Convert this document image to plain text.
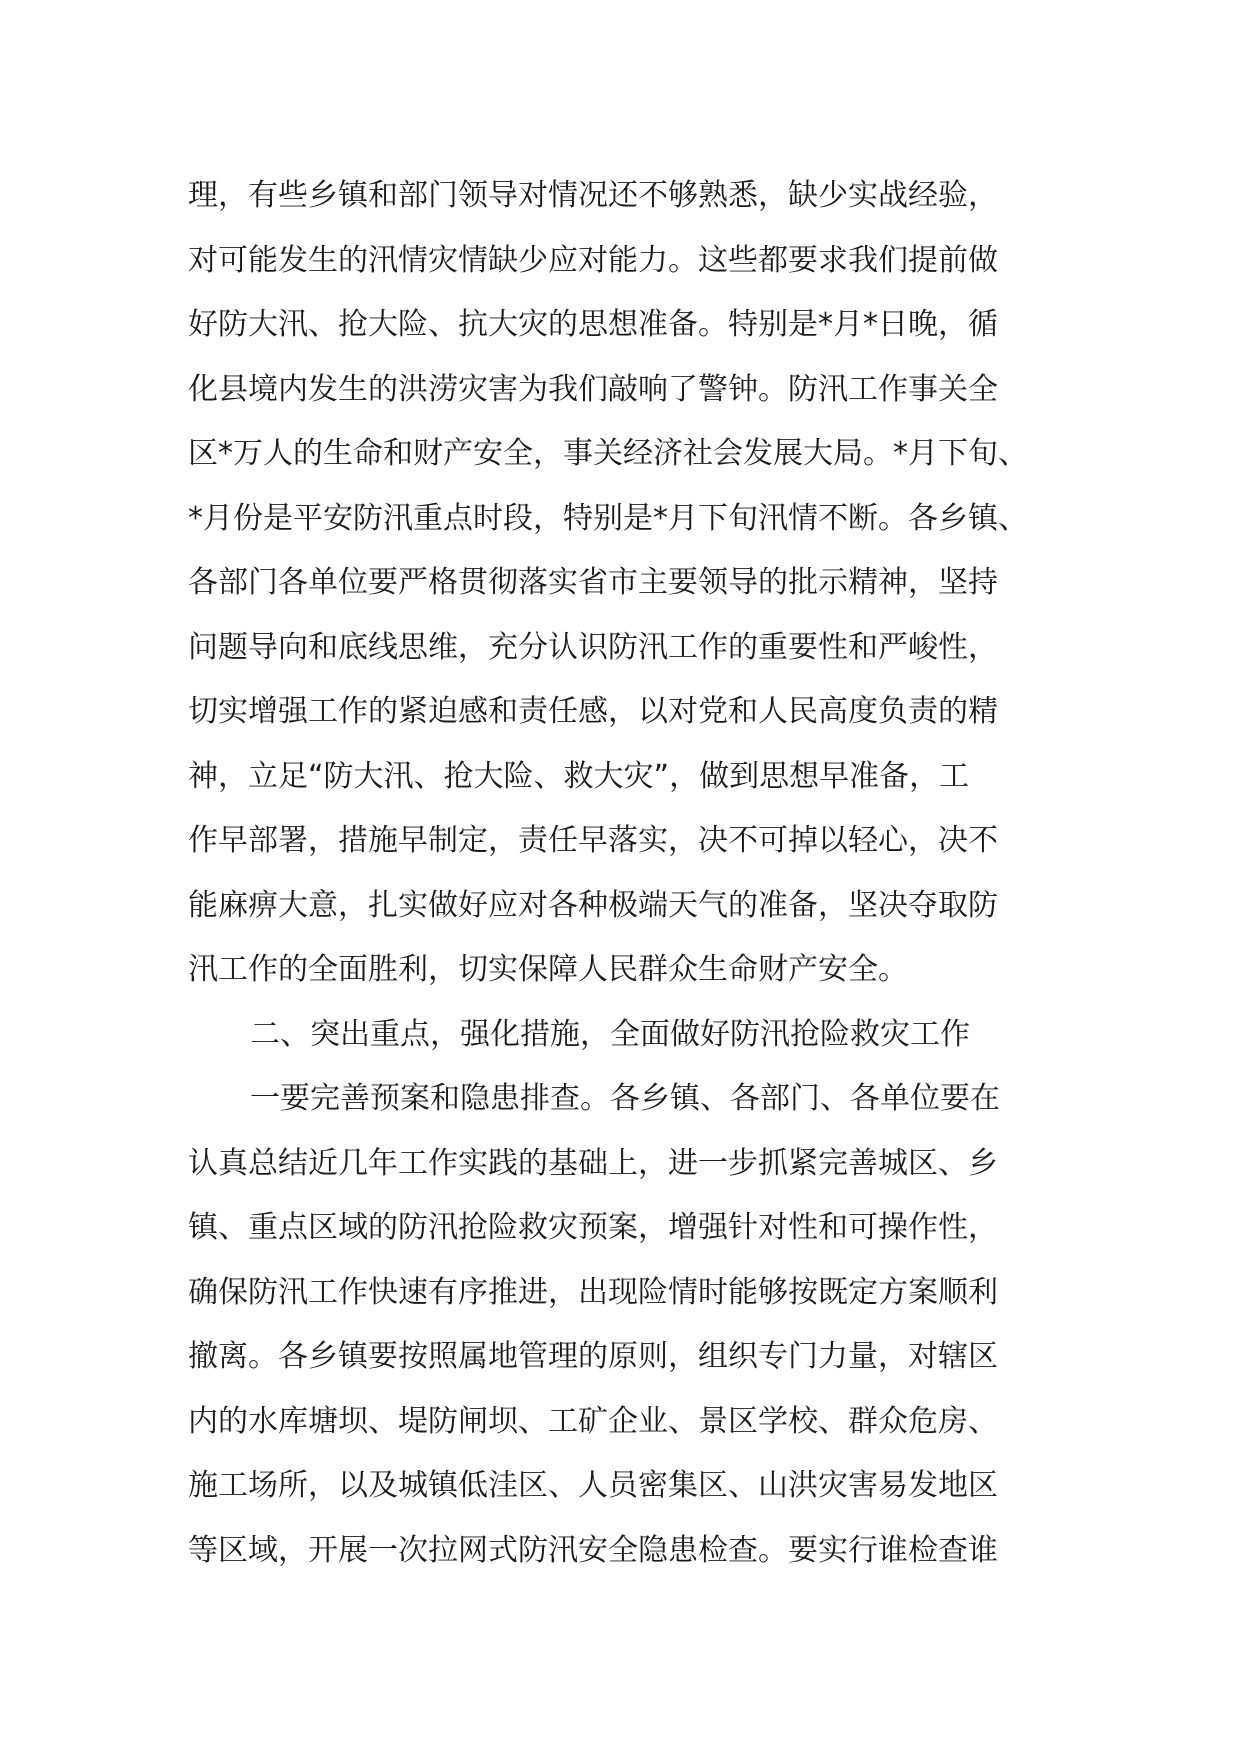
理，有些乡镇和部门领导对情况还不够熟悉，缺少实战经验，
对可能发生的汛情灾情缺少应对能力。这些都要求我们提前做
好防大汛、抢大险、抗大灾的思想准备。特别是*月*日晚，循
化县境内发生的洪涝灾害为我们敲响了警钟。防汛工作事关全
区*万人的生命和财产安全，事关经济社会发展大局。*月下旬、
*月份是平安防汛重点时段，特别是*月下旬汛情不断。各乡镇、
各部门各单位要严格贯彻落实省市主要领导的批示精神，坚持
问题导向和底线思维，充分认识防汛工作的重要性和严峻性，
切实增强工作的紧迫感和责任感，以对党和人民高度负责的精
神，立足“防大汛、抢大险、救大灾”，做到思想早准备，工
作早部署，措施早制定，责任早落实，决不可掉以轻心，决不
能麻痹大意，扎实做好应对各种极端天气的准备，坚决夺取防
汛工作的全面胜利，切实保障人民群众生命财产安全。
二、突出重点，强化措施，全面做好防汛抢险救灾工作
一要完善预案和隐患排查。各乡镇、各部门、各单位要在
认真总结近几年工作实践的基础上，进一步抓紧完善城区、乡
镇、重点区域的防汛抢险救灾预案，增强针对性和可操作性，
确保防汛工作快速有序推进，出现险情时能够按既定方案顺利
撤离。各乡镇要按照属地管理的原则，组织专门力量，对辖区
内的水库塘坝、堤防闸坝、工矿企业、景区学校、群众危房、
施工场所，以及城镇低洼区、人员密集区、山洪灾害易发地区
等区域，开展一次拉网式防汛安全隐患检查。要实行谁检查谁
